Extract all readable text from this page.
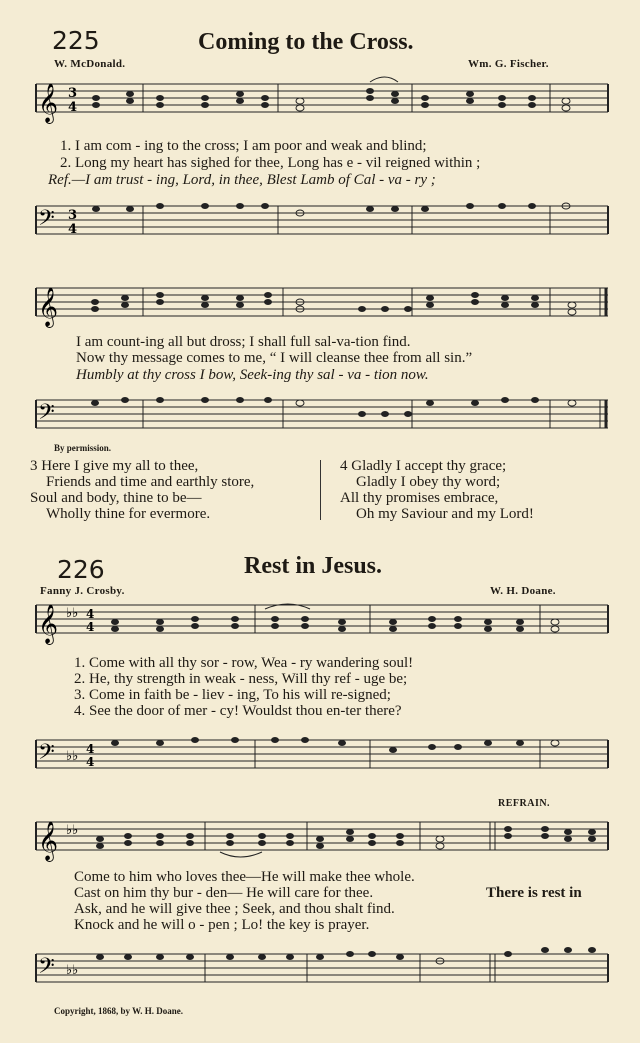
225	Coming to the Cross.
W. McDonald.	Wm. G. Fischer.
𝄞 3
4
1. I am com - ing to the cross; I am poor and weak and blind;
2. Long my heart has sighed for thee, Long has e - vil reigned within ;
Ref.—I am trust - ing, Lord, in thee, Blest Lamb of Cal - va - ry ;
𝄢 3
4
𝄞
I am count-ing all but dross; I shall full sal-va-tion find.
Now thy message comes to me, “ I will cleanse thee from all sin.”
Humbly at thy cross I bow, Seek-ing thy sal - va - tion now.
𝄢
By permission.
3 Here I give my all to thee,
Friends and time and earthly store,
Soul and body, thine to be—
Wholly thine for evermore.
4 Gladly I accept thy grace;
Gladly I obey thy word;
All thy promises embrace,
Oh my Saviour and my Lord!
226	Rest in Jesus.
Fanny J. Crosby.	W. H. Doane.
𝄞 ♭♭ 4
4
1. Come with all thy sor - row, Wea - ry wandering soul!
2. He, thy strength in weak - ness, Will thy ref - uge be;
3. Come in faith be - liev - ing, To his will re-signed;
4. See the door of mer - cy! Wouldst thou en-ter there?
𝄢 ♭♭ 4
4
REFRAIN.
𝄞 ♭♭
Come to him who loves thee—He will make thee whole.
Cast on him thy bur - den— He will care for thee.	There is rest in
Ask, and he will give thee ; Seek, and thou shalt find.
Knock and he will o - pen ; Lo! the key is prayer.
𝄢 ♭♭
Copyright, 1868, by W. H. Doane.
